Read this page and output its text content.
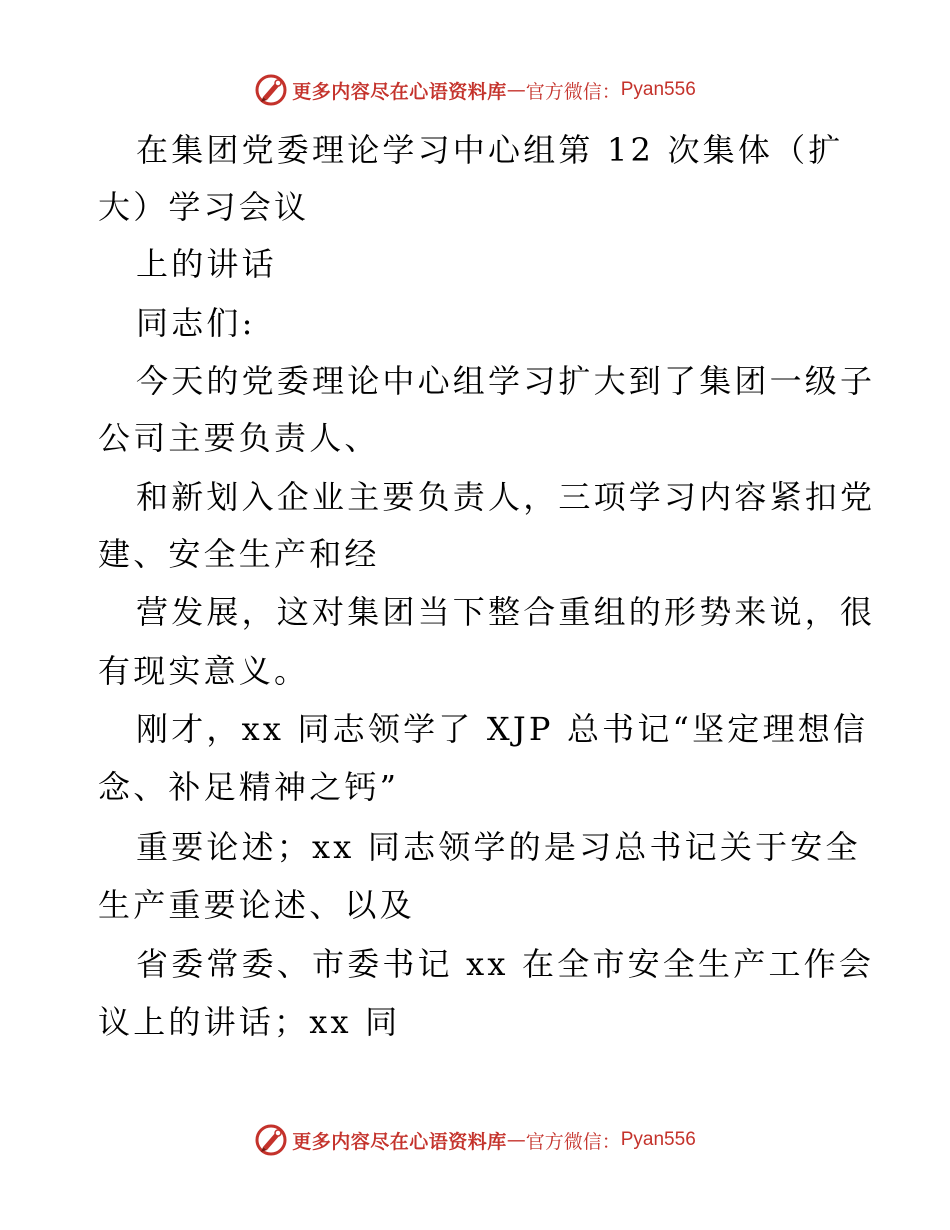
更多内容尽在心语资料库 — 官方微信： Pyan556
在集团党委理论学习中心组第 12 次集体（扩
大）学习会议
上的讲话
同志们:
今天的党委理论中心组学习扩大到了集团一级子
公司主要负责人、
和新划入企业主要负责人，三项学习内容紧扣党
建、安全生产和经
营发展，这对集团当下整合重组的形势来说，很
有现实意义。
刚才，xx 同志领学了 XJP 总书记“坚定理想信
念、补足精神之钙”
重要论述；xx 同志领学的是习总书记关于安全
生产重要论述、以及
省委常委、市委书记 xx 在全市安全生产工作会
议上的讲话；xx 同
更多内容尽在心语资料库 — 官方微信： Pyan556
